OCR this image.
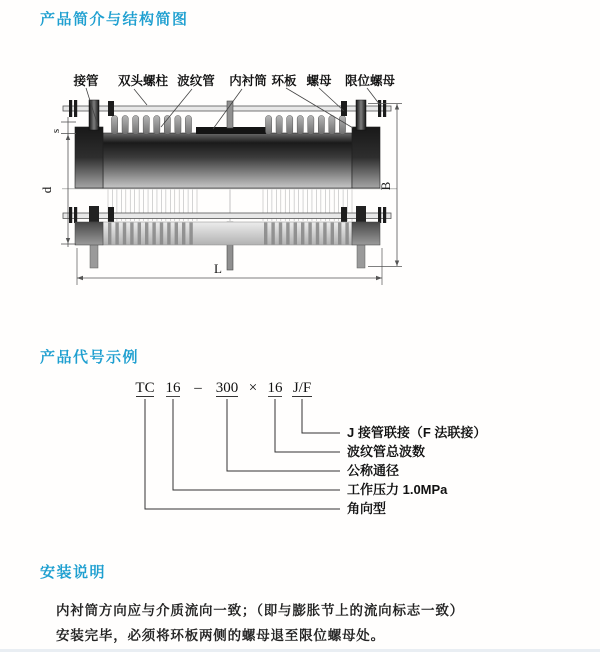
s
d	B
L
接管 双头螺柱 波纹管 内衬筒 环板 螺母 限位螺母
TC 16 – 300 × 16 J/F
J 接管联接（F 法联接）
波纹管总波数
公称通径
工作压力 1.0MPa
角向型
产品简介与结构简图
产品代号示例
安装说明

内衬筒方向应与介质流向一致；（即与膨胀节上的流向标志一致）

安装完毕，必须将环板两侧的螺母退至限位螺母处。
